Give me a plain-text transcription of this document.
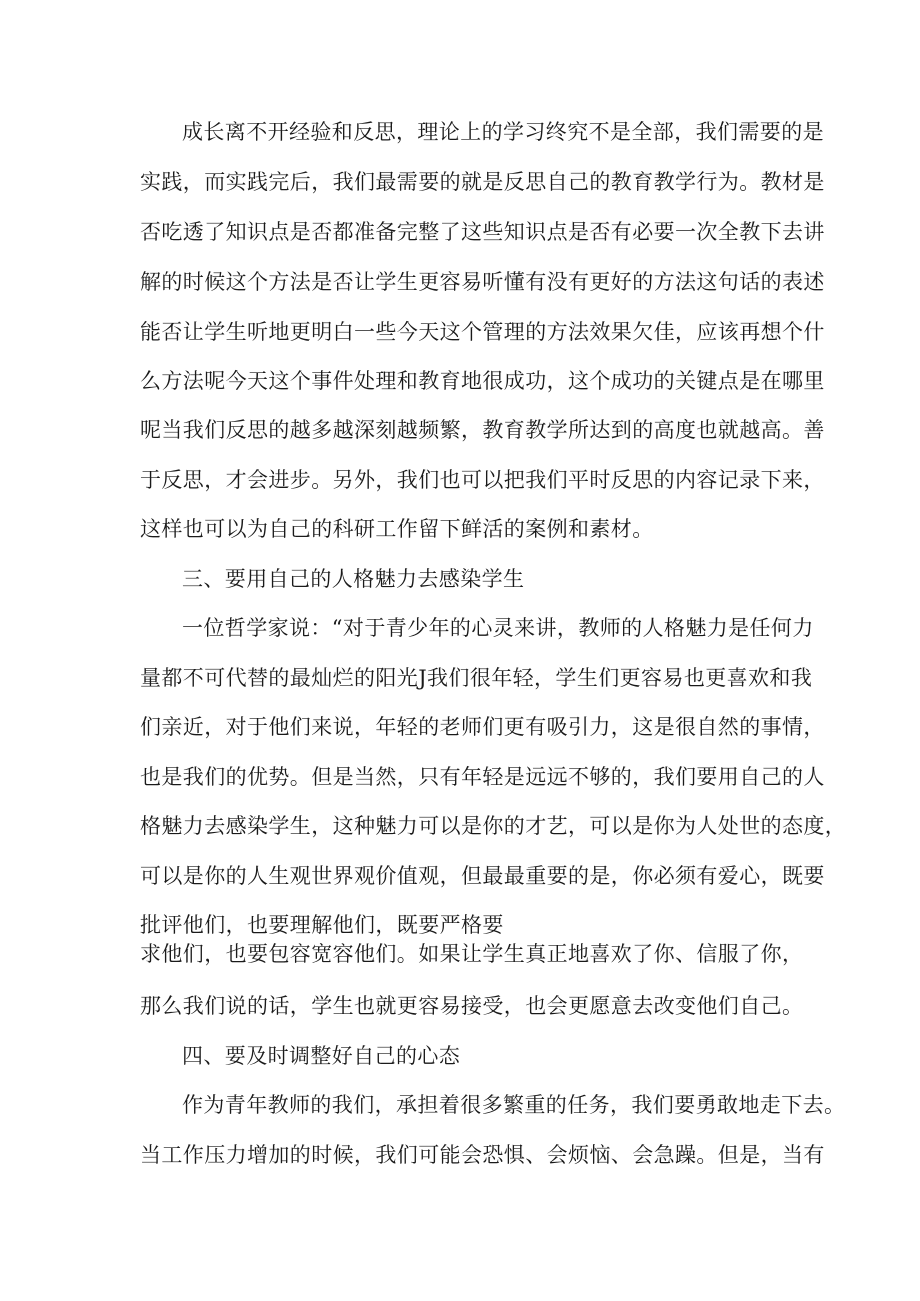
成长离不开经验和反思，理论上的学习终究不是全部，我们需要的是
实践，而实践完后，我们最需要的就是反思自己的教育教学行为。教材是
否吃透了知识点是否都准备完整了这些知识点是否有必要一次全教下去讲
解的时候这个方法是否让学生更容易听懂有没有更好的方法这句话的表述
能否让学生听地更明白一些今天这个管理的方法效果欠佳，应该再想个什
么方法呢今天这个事件处理和教育地很成功，这个成功的关键点是在哪里
呢当我们反思的越多越深刻越频繁，教育教学所达到的高度也就越高。善
于反思，才会进步。另外，我们也可以把我们平时反思的内容记录下来，
这样也可以为自己的科研工作留下鲜活的案例和素材。
三、要用自己的人格魅力去感染学生
一位哲学家说：“对于青少年的心灵来讲，教师的人格魅力是任何力
量都不可代替的最灿烂的阳光J我们很年轻，学生们更容易也更喜欢和我
们亲近，对于他们来说，年轻的老师们更有吸引力，这是很自然的事情，
也是我们的优势。但是当然，只有年轻是远远不够的，我们要用自己的人
格魅力去感染学生，这种魅力可以是你的才艺，可以是你为人处世的态度，
可以是你的人生观世界观价值观，但最最重要的是，你必须有爱心，既要
批评他们，也要理解他们，既要严格要
求他们，也要包容宽容他们。如果让学生真正地喜欢了你、信服了你，
那么我们说的话，学生也就更容易接受，也会更愿意去改变他们自己。
四、要及时调整好自己的心态
作为青年教师的我们，承担着很多繁重的任务，我们要勇敢地走下去。
当工作压力增加的时候，我们可能会恐惧、会烦恼、会急躁。但是，当有
